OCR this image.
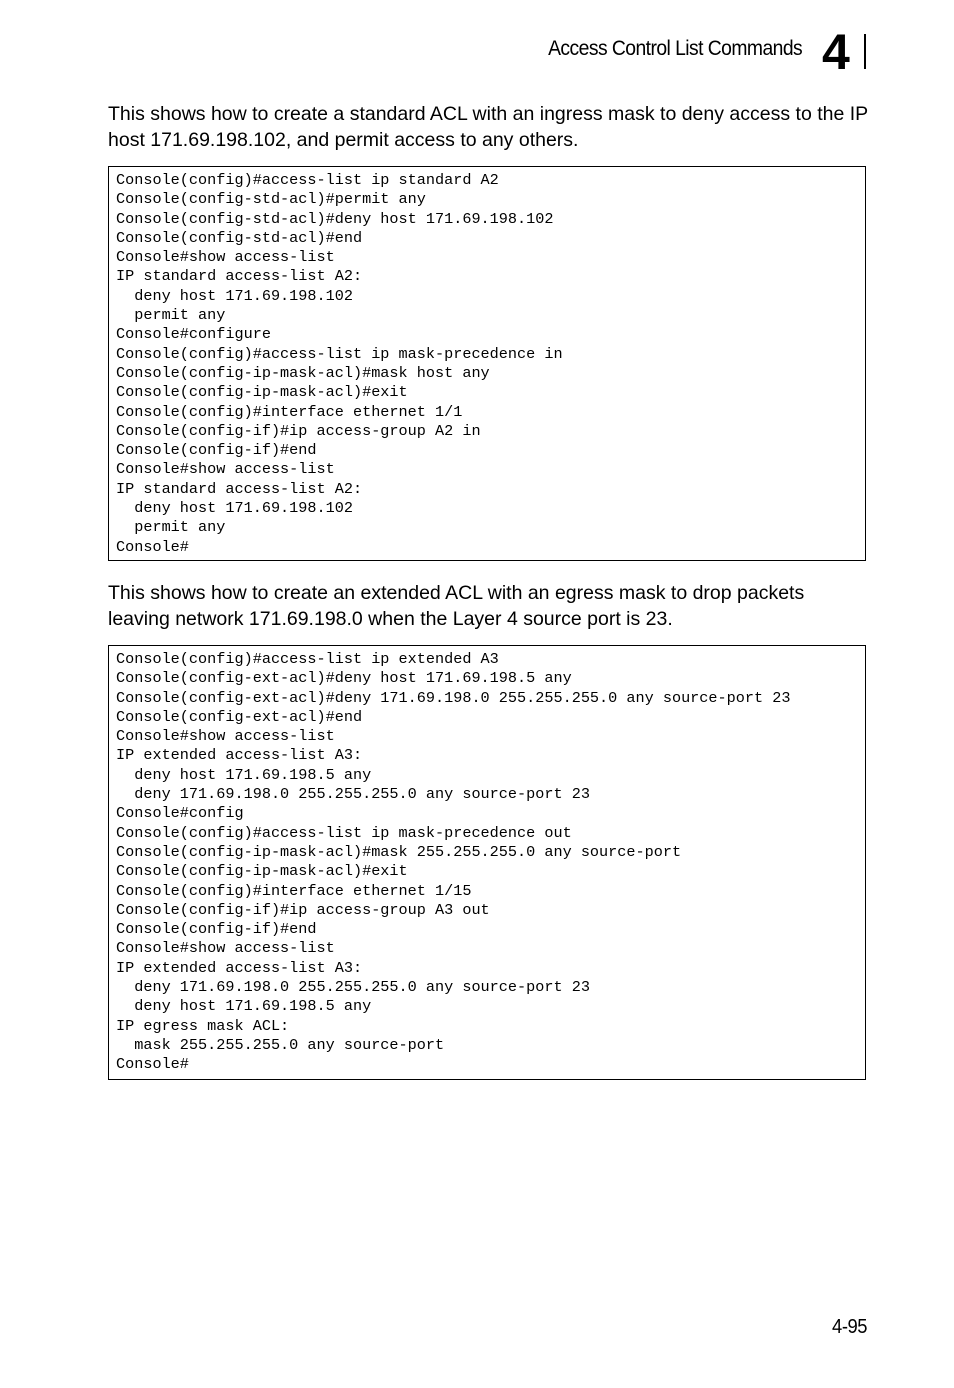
Access Control List Commands 4

This shows how to create a standard ACL with an ingress mask to deny access to the IP host 171.69.198.102, and permit access to any others.

Console(config)#access-list ip standard A2
Console(config-std-acl)#permit any
Console(config-std-acl)#deny host 171.69.198.102
Console(config-std-acl)#end
Console#show access-list
IP standard access-list A2:
deny host 171.69.198.102
permit any
Console#configure
Console(config)#access-list ip mask-precedence in
Console(config-ip-mask-acl)#mask host any
Console(config-ip-mask-acl)#exit
Console(config)#interface ethernet 1/1
Console(config-if)#ip access-group A2 in
Console(config-if)#end
Console#show access-list
IP standard access-list A2:
deny host 171.69.198.102
permit any
Console#

This shows how to create an extended ACL with an egress mask to drop packets leaving network 171.69.198.0 when the Layer 4 source port is 23.

Console(config)#access-list ip extended A3
Console(config-ext-acl)#deny host 171.69.198.5 any
Console(config-ext-acl)#deny 171.69.198.0 255.255.255.0 any source-port 23
Console(config-ext-acl)#end
Console#show access-list
IP extended access-list A3:
deny host 171.69.198.5 any
deny 171.69.198.0 255.255.255.0 any source-port 23
Console#config
Console(config)#access-list ip mask-precedence out
Console(config-ip-mask-acl)#mask 255.255.255.0 any source-port
Console(config-ip-mask-acl)#exit
Console(config)#interface ethernet 1/15
Console(config-if)#ip access-group A3 out
Console(config-if)#end
Console#show access-list
IP extended access-list A3:
deny 171.69.198.0 255.255.255.0 any source-port 23
deny host 171.69.198.5 any
IP egress mask ACL:
mask 255.255.255.0 any source-port
Console#
4-95
